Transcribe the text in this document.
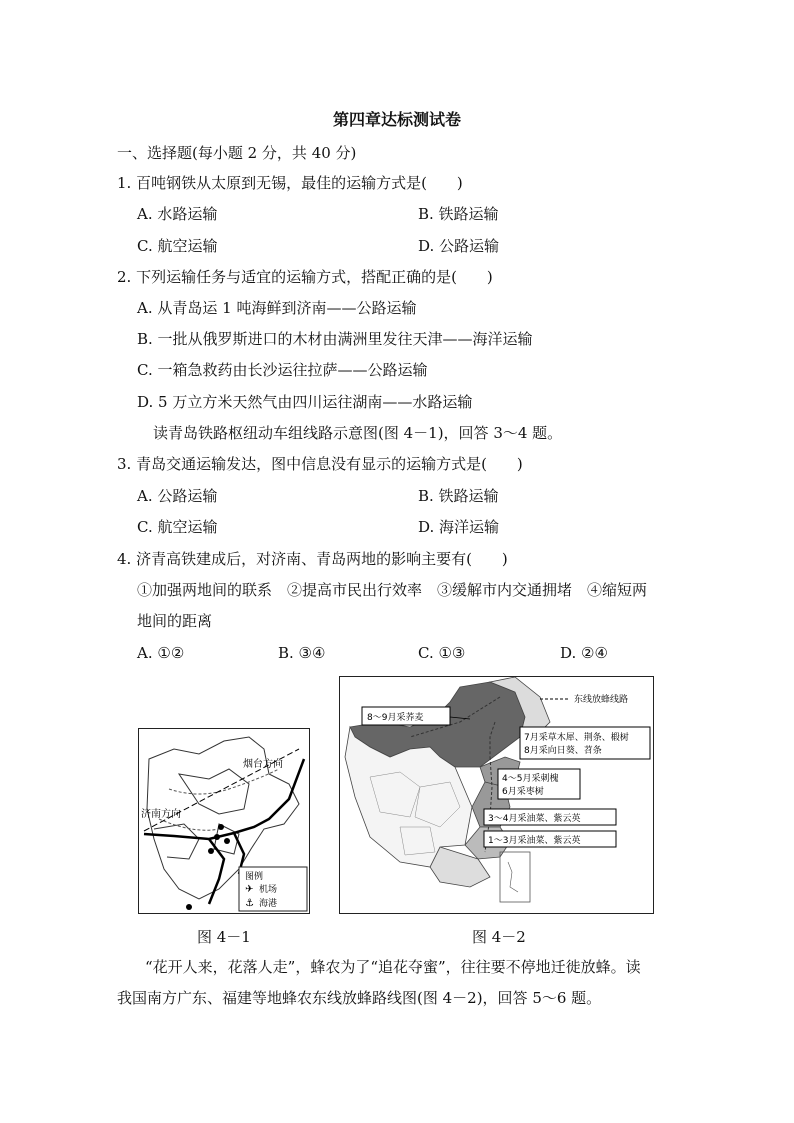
第四章达标测试卷
一、选择题(每小题 2 分，共 40 分)
1. 百吨钢铁从太原到无锡，最佳的运输方式是(　　)
A. 水路运输	B. 铁路运输
C. 航空运输	D. 公路运输
2. 下列运输任务与适宜的运输方式，搭配正确的是(　　)
A. 从青岛运 1 吨海鲜到济南——公路运输
B. 一批从俄罗斯进口的木材由满洲里发往天津——海洋运输
C. 一箱急救药由长沙运往拉萨——公路运输
D. 5 万立方米天然气由四川运往湖南——水路运输
读青岛铁路枢纽动车组线路示意图(图 4－1)，回答 3～4 题。
3. 青岛交通运输发达，图中信息没有显示的运输方式是(　　)
A. 公路运输	B. 铁路运输
C. 航空运输	D. 海洋运输
4. 济青高铁建成后，对济南、青岛两地的影响主要有(　　)
①加强两地间的联系　②提高市民出行效率　③缓解市内交通拥堵　④缩短两
地间的距离
A. ①②	B. ③④	C. ①③	D. ②④
烟台方向
济南方向
图例
✈ 机场
⚓ 海港
图 4－1
东线放蜂线路
8～9月采荞麦
7月采草木犀、荆条、椴树
8月采向日葵、苕条
4～5月采刺槐
6月采枣树
3～4月采油菜、紫云英
1～3月采油菜、紫云英
图 4－2
“花开人来，花落人走”，蜂农为了“追花夺蜜”，往往要不停地迁徙放蜂。读
我国南方广东、福建等地蜂农东线放蜂路线图(图 4－2)，回答 5～6 题。
